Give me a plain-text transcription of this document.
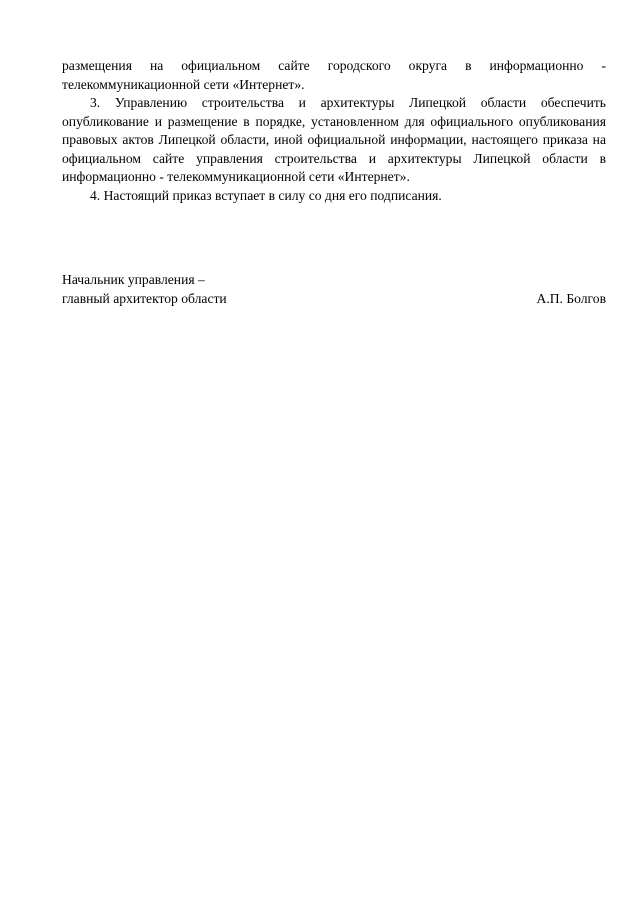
размещения на официальном сайте городского округа в информационно - телекоммуникационной сети «Интернет».

3. Управлению строительства и архитектуры Липецкой области обеспечить опубликование и размещение в порядке, установленном для официального опубликования правовых актов Липецкой области, иной официальной информации, настоящего приказа на официальном сайте управления строительства и архитектуры Липецкой области в информационно - телекоммуникационной сети «Интернет».

4. Настоящий приказ вступает в силу со дня его подписания.

Начальник управления –
главный архитектор области	А.П. Болгов
